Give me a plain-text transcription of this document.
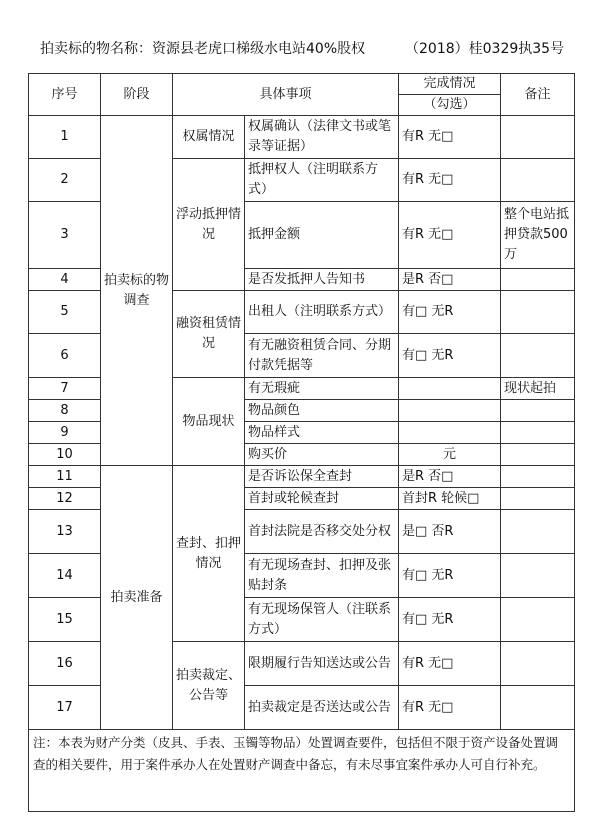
拍卖标的物名称：资源县老虎口梯级水电站40%股权	（2018）桂0329执35号
序号	阶段	具体事项		完成情况	备注
				（勾选）	
1	拍卖标的物调查	权属情况	权属确认（法律文书或笔录等证据）	有R 无□	
2		浮动抵押情况	抵押权人（注明联系方式）	有R 无□	
3			抵押金额	有R 无□	整个电站抵押贷款500万
4			是否发抵押人告知书	是R 否□	
5		融资租赁情况	出租人（注明联系方式）	有□ 无R	
6			有无融资租赁合同、分期付款凭据等	有□ 无R	
7		物品现状	有无瑕疵		现状起拍
8			物品颜色		
9			物品样式		
10			购买价	元	
11	拍卖准备	查封、扣押情况	是否诉讼保全查封	是R 否□	
12			首封或轮候查封	首封R 轮候□	
13			首封法院是否移交处分权	是□ 否R	
14			有无现场查封、扣押及张贴封条	有□ 无R	
15			有无现场保管人（注联系方式）	有□ 无R	
16		拍卖裁定、公告等	限期履行告知送达或公告	有R 无□	
17			拍卖裁定是否送达或公告	有R 无□	
注：本表为财产分类（皮具、手表、玉镯等物品）处置调查要件，包括但不限于资产设备处置调查的相关要件，用于案件承办人在处置财产调查中备忘，有未尽事宜案件承办人可自行补充。					
